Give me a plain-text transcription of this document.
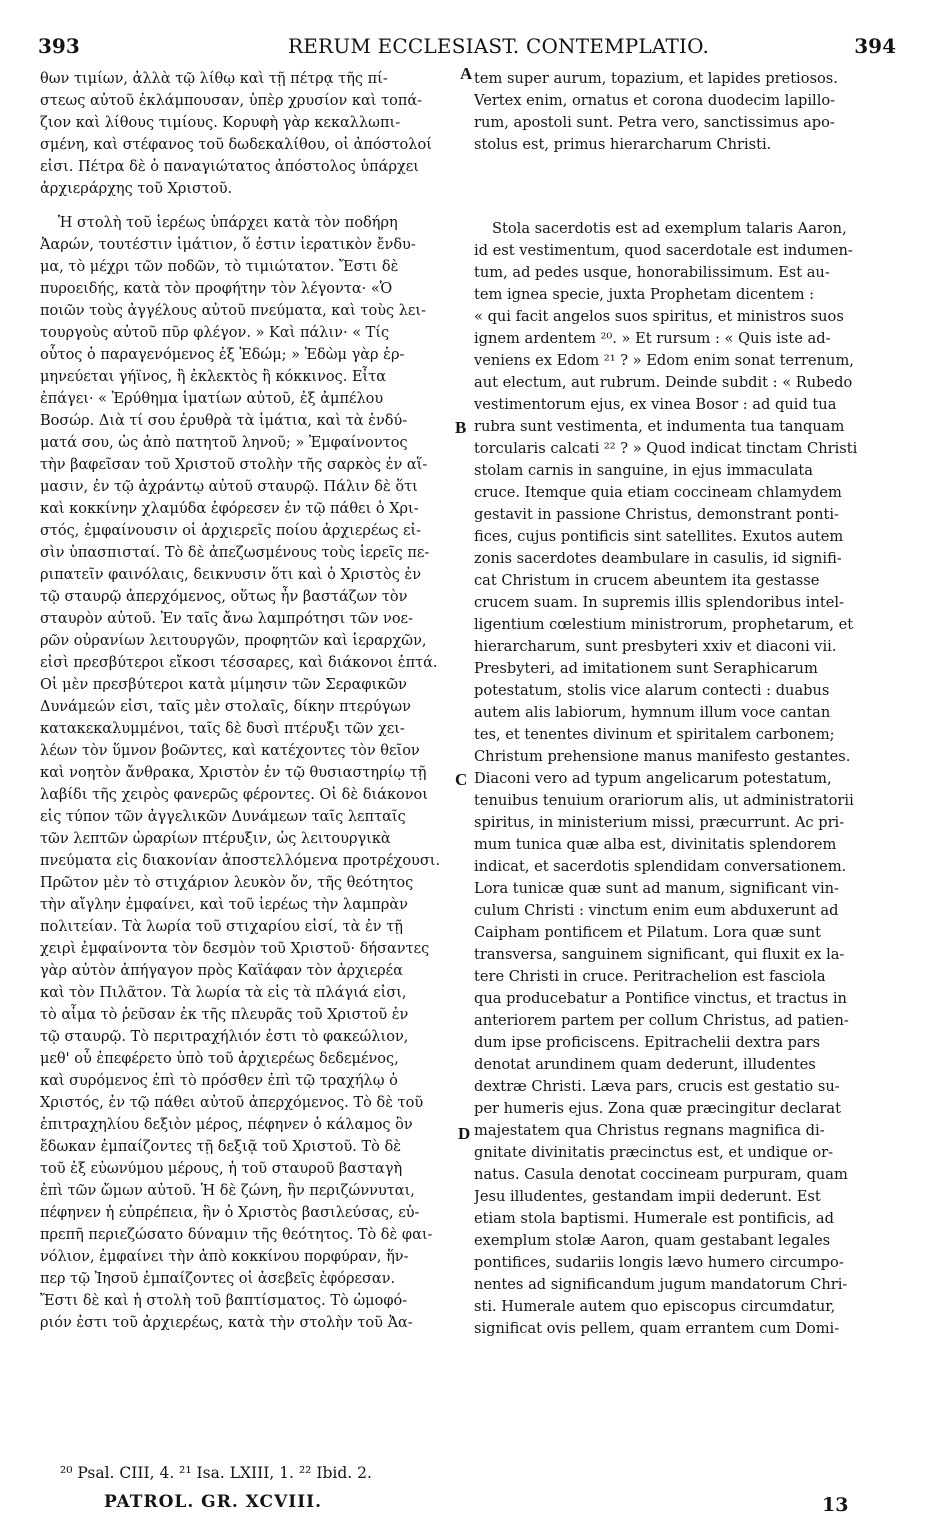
393	RERUM ECCLESIAST. CONTEMPLATIO.	394
θων τιμίων, ἀλλὰ τῷ λίθῳ καὶ τῇ πέτρᾳ τῆς πί-
στεως αὐτοῦ ἐκλάμπουσαν, ὑπὲρ χρυσίον καὶ τοπά-
ζιον καὶ λίθους τιμίους. Κορυφὴ γὰρ κεκαλλωπι-
σμένη, καὶ στέφανος τοῦ δωδεκαλίθου, οἱ ἀπόστολοί
εἰσι. Πέτρα δὲ ὁ παναγιώτατος ἀπόστολος ὑπάρχει
ἀρχιεράρχης τοῦ Χριστοῦ.
Ἡ στολὴ τοῦ ἱερέως ὑπάρχει κατὰ τὸν ποδήρη
Ἀαρών, τουτέστιν ἱμάτιον, ὅ ἐστιν ἱερατικὸν ἔνδυ-
μα, τὸ μέχρι τῶν ποδῶν, τὸ τιμιώτατον. Ἔστι δὲ
πυροειδής, κατὰ τὸν προφήτην τὸν λέγοντα· «Ὁ
ποιῶν τοὺς ἀγγέλους αὐτοῦ πνεύματα, καὶ τοὺς λει-
τουργοὺς αὐτοῦ πῦρ φλέγον. » Καὶ πάλιν· « Τίς
οὗτος ὁ παραγενόμενος ἐξ Ἐδώμ; » Ἐδὼμ γὰρ ἑρ-
μηνεύεται γήϊνος, ἢ ἐκλεκτὸς ἢ κόκκινος. Εἶτα
ἐπάγει· « Ἐρύθημα ἱματίων αὐτοῦ, ἐξ ἀμπέλου
Βοσώρ. Διὰ τί σου ἐρυθρὰ τὰ ἱμάτια, καὶ τὰ ἐνδύ-
ματά σου, ὡς ἀπὸ πατητοῦ ληνοῦ; » Ἐμφαίνοντος
τὴν βαφεῖσαν τοῦ Χριστοῦ στολὴν τῆς σαρκὸς ἐν αἵ-
μασιν, ἐν τῷ ἀχράντῳ αὐτοῦ σταυρῷ. Πάλιν δὲ ὅτι
καὶ κοκκίνην χλαμύδα ἐφόρεσεν ἐν τῷ πάθει ὁ Χρι-
στός, ἐμφαίνουσιν οἱ ἀρχιερεῖς ποίου ἀρχιερέως εἰ-
σὶν ὑπασπισταί. Τὸ δὲ ἀπεζωσμένους τοὺς ἱερεῖς πε-
ριπατεῖν φαινόλαις, δεικνυσιν ὅτι καὶ ὁ Χριστὸς ἐν
τῷ σταυρῷ ἀπερχόμενος, οὕτως ἦν βαστάζων τὸν
σταυρὸν αὐτοῦ. Ἐν ταῖς ἄνω λαμπρότησι τῶν νοε-
ρῶν οὐρανίων λειτουργῶν, προφητῶν καὶ ἱεραρχῶν,
εἰσὶ πρεσβύτεροι εἴκοσι τέσσαρες, καὶ διάκονοι ἑπτά.
Οἱ μὲν πρεσβύτεροι κατὰ μίμησιν τῶν Σεραφικῶν
Δυνάμεών εἰσι, ταῖς μὲν στολαῖς, δίκην πτερύγων
κατακεκαλυμμένοι, ταῖς δὲ δυσὶ πτέρυξι τῶν χει-
λέων τὸν ὕμνον βοῶντες, καὶ κατέχοντες τὸν θεῖον
καὶ νοητὸν ἄνθρακα, Χριστὸν ἐν τῷ θυσιαστηρίῳ τῇ
λαβίδι τῆς χειρὸς φανερῶς φέροντες. Οἱ δὲ διάκονοι
εἰς τύπον τῶν ἀγγελικῶν Δυνάμεων ταῖς λεπταῖς
τῶν λεπτῶν ὠραρίων πτέρυξιν, ὡς λειτουργικὰ
πνεύματα εἰς διακονίαν ἀποστελλόμενα προτρέχουσι.
Πρῶτον μὲν τὸ στιχάριον λευκὸν ὄν, τῆς θεότητος
τὴν αἴγλην ἐμφαίνει, καὶ τοῦ ἱερέως τὴν λαμπρὰν
πολιτείαν. Τὰ λωρία τοῦ στιχαρίου εἰσί, τὰ ἐν τῇ
χειρὶ ἐμφαίνοντα τὸν δεσμὸν τοῦ Χριστοῦ· δήσαντες
γὰρ αὐτὸν ἀπήγαγον πρὸς Καϊάφαν τὸν ἀρχιερέα
καὶ τὸν Πιλᾶτον. Τὰ λωρία τὰ εἰς τὰ πλάγιά εἰσι,
τὸ αἷμα τὸ ῥεῦσαν ἐκ τῆς πλευρᾶς τοῦ Χριστοῦ ἐν
τῷ σταυρῷ. Τὸ περιτραχήλιόν ἐστι τὸ φακεώλιον,
μεθ' οὗ ἐπεφέρετο ὑπὸ τοῦ ἀρχιερέως δεδεμένος,
καὶ συρόμενος ἐπὶ τὸ πρόσθεν ἐπὶ τῷ τραχήλῳ ὁ
Χριστός, ἐν τῷ πάθει αὐτοῦ ἀπερχόμενος. Τὸ δὲ τοῦ
ἐπιτραχηλίου δεξιὸν μέρος, πέφηνεν ὁ κάλαμος ὃν
ἔδωκαν ἐμπαίζοντες τῇ δεξιᾷ τοῦ Χριστοῦ. Τὸ δὲ
τοῦ ἐξ εὐωνύμου μέρους, ἡ τοῦ σταυροῦ βασταγὴ
ἐπὶ τῶν ὤμων αὐτοῦ. Ἡ δὲ ζώνη, ἣν περιζώννυται,
πέφηνεν ἡ εὐπρέπεια, ἣν ὁ Χριστὸς βασιλεύσας, εὐ-
πρεπῆ περιεζώσατο δύναμιν τῆς θεότητος. Τὸ δὲ φαι-
νόλιον, ἐμφαίνει τὴν ἀπὸ κοκκίνου πορφύραν, ἥν-
περ τῷ Ἰησοῦ ἐμπαίζοντες οἱ ἀσεβεῖς ἐφόρεσαν.
Ἔστι δὲ καὶ ἡ στολὴ τοῦ βαπτίσματος. Τὸ ὠμοφό-
ριόν ἐστι τοῦ ἀρχιερέως, κατὰ τὴν στολὴν τοῦ Ἀα-
tem super aurum, topazium, et lapides pretiosos.
Vertex enim, ornatus et corona duodecim lapillo-
rum, apostoli sunt. Petra vero, sanctissimus apo-
stolus est, primus hierarcharum Christi.
Stola sacerdotis est ad exemplum talaris Aaron,
id est vestimentum, quod sacerdotale est indumen-
tum, ad pedes usque, honorabilissimum. Est au-
tem ignea specie, juxta Prophetam dicentem :
« qui facit angelos suos spiritus, et ministros suos
ignem ardentem ²⁰. » Et rursum : « Quis iste ad-
veniens ex Edom ²¹ ? » Edom enim sonat terrenum,
aut electum, aut rubrum. Deinde subdit : « Rubedo
vestimentorum ejus, ex vinea Bosor : ad quid tua
rubra sunt vestimenta, et indumenta tua tanquam
torcularis calcati ²² ? » Quod indicat tinctam Christi
stolam carnis in sanguine, in ejus immaculata
cruce. Itemque quia etiam coccineam chlamydem
gestavit in passione Christus, demonstrant ponti-
fices, cujus pontificis sint satellites. Exutos autem
zonis sacerdotes deambulare in casulis, id signifi-
cat Christum in crucem abeuntem ita gestasse
crucem suam. In supremis illis splendoribus intel-
ligentium cœlestium ministrorum, prophetarum, et
hierarcharum, sunt presbyteri xxiv et diaconi vii.
Presbyteri, ad imitationem sunt Seraphicarum
potestatum, stolis vice alarum contecti : duabus
autem alis labiorum, hymnum illum voce cantan
tes, et tenentes divinum et spiritalem carbonem;
Christum prehensione manus manifesto gestantes.
Diaconi vero ad typum angelicarum potestatum,
tenuibus tenuium orariorum alis, ut administratorii
spiritus, in ministerium missi, præcurrunt. Ac pri-
mum tunica quæ alba est, divinitatis splendorem
indicat, et sacerdotis splendidam conversationem.
Lora tunicæ quæ sunt ad manum, significant vin-
culum Christi : vinctum enim eum abduxerunt ad
Caipham pontificem et Pilatum. Lora quæ sunt
transversa, sanguinem significant, qui fluxit ex la-
tere Christi in cruce. Peritrachelion est fasciola
qua producebatur a Pontifice vinctus, et tractus in
anteriorem partem per collum Christus, ad patien-
dum ipse proficiscens. Epitrachelii dextra pars
denotat arundinem quam dederunt, illudentes
dextræ Christi. Læva pars, crucis est gestatio su-
per humeris ejus. Zona quæ præcingitur declarat
majestatem qua Christus regnans magnifica di-
gnitate divinitatis præcinctus est, et undique or-
natus. Casula denotat coccineam purpuram, quam
Jesu illudentes, gestandam impii dederunt. Est
etiam stola baptismi. Humerale est pontificis, ad
exemplum stolæ Aaron, quam gestabant legales
pontifices, sudariis longis lævo humero circumpo-
nentes ad significandum jugum mandatorum Chri-
sti. Humerale autem quo episcopus circumdatur,
significat ovis pellem, quam errantem cum Domi-
A
B
C
D
²⁰ Psal. CIII, 4. ²¹ Isa. LXIII, 1. ²² Ibid. 2.
PATROL. GR. XCVIII.	13
